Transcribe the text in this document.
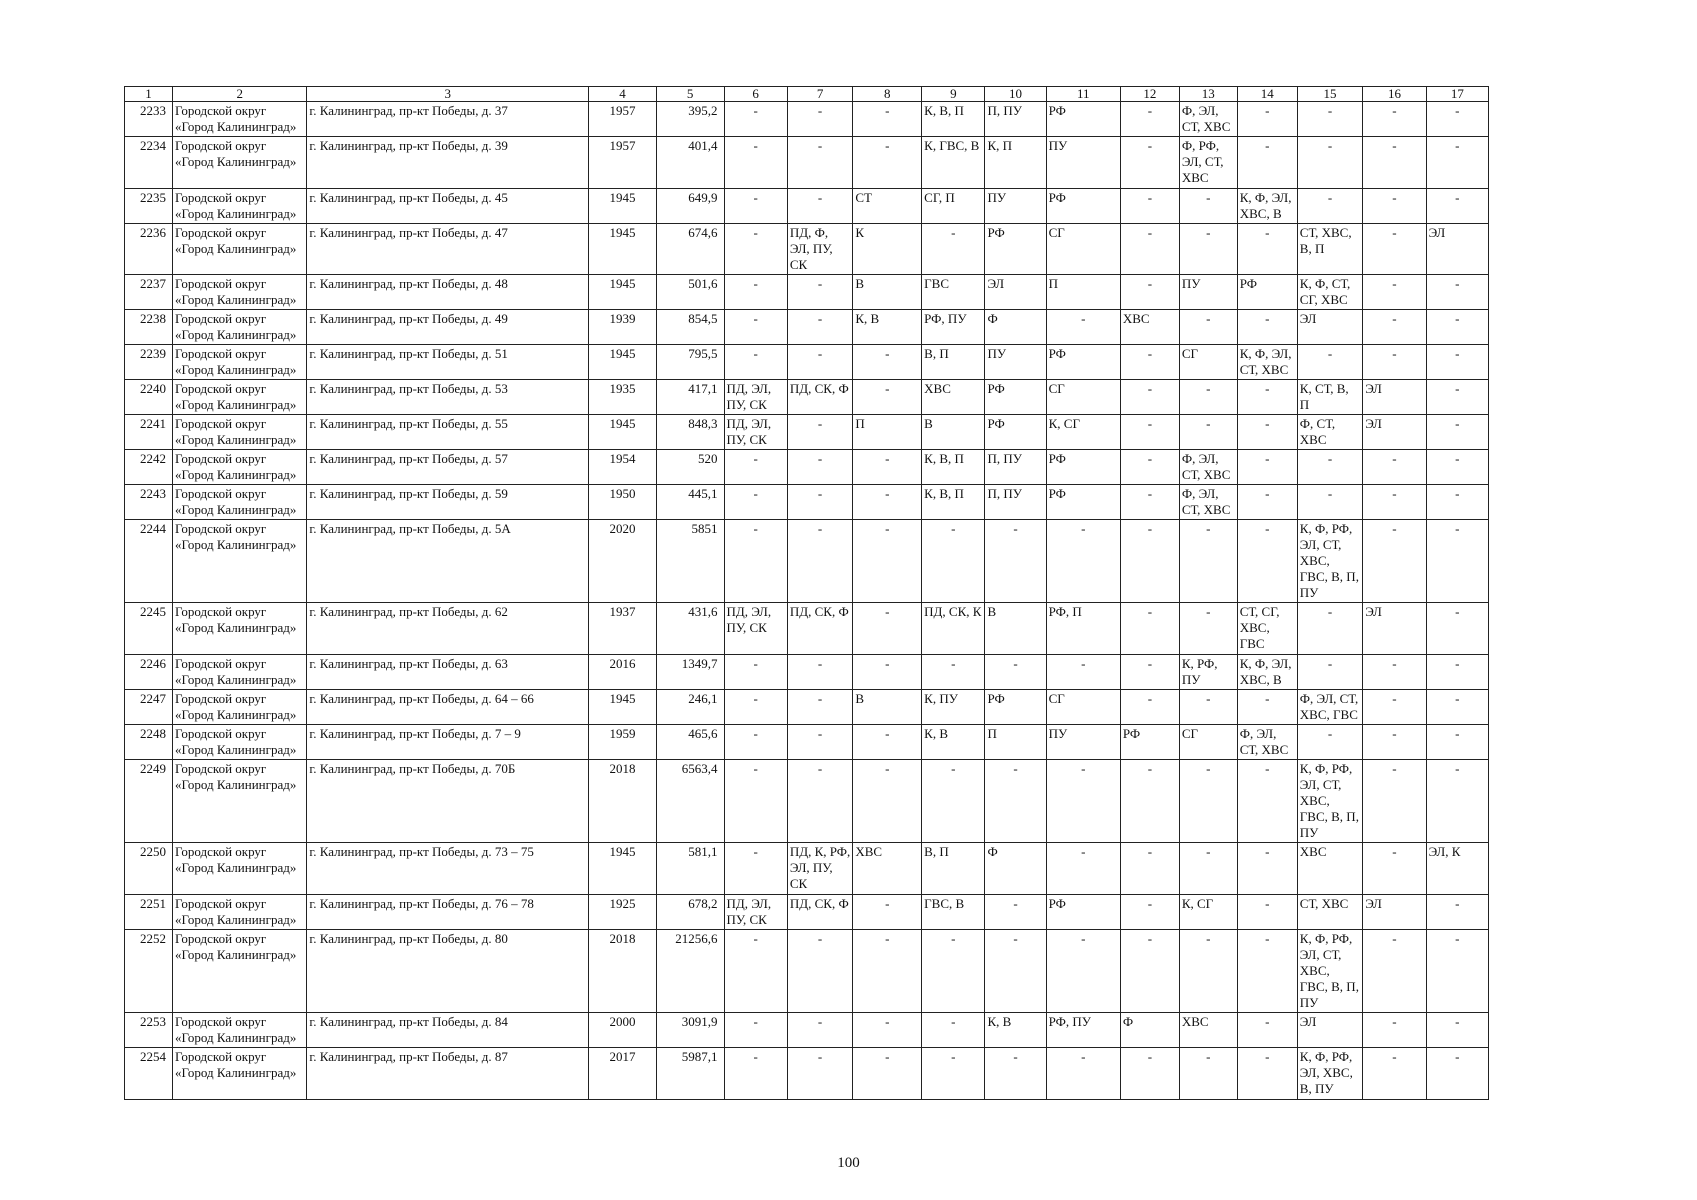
1	2	3	4	5	6	7	8	9	10	11	12	13	14	15	16	17
2233	Городской округ «Город Калининград»	г. Калининград, пр-кт Победы, д. 37	1957	395,2	-	-	-	К, В, П	П, ПУ	РФ	-	Ф, ЭЛ, СТ, ХВС	-	-	-	-
2234	Городской округ «Город Калининград»	г. Калининград, пр-кт Победы, д. 39	1957	401,4	-	-	-	К, ГВС, В	К, П	ПУ	-	Ф, РФ, ЭЛ, СТ, ХВС	-	-	-	-
2235	Городской округ «Город Калининград»	г. Калининград, пр-кт Победы, д. 45	1945	649,9	-	-	СТ	СГ, П	ПУ	РФ	-	-	К, Ф, ЭЛ, ХВС, В	-	-	-
2236	Городской округ «Город Калининград»	г. Калининград, пр-кт Победы, д. 47	1945	674,6	-	ПД, Ф, ЭЛ, ПУ, СК	К	-	РФ	СГ	-	-	-	СТ, ХВС, В, П	-	ЭЛ
2237	Городской округ «Город Калининград»	г. Калининград, пр-кт Победы, д. 48	1945	501,6	-	-	В	ГВС	ЭЛ	П	-	ПУ	РФ	К, Ф, СТ, СГ, ХВС	-	-
2238	Городской округ «Город Калининград»	г. Калининград, пр-кт Победы, д. 49	1939	854,5	-	-	К, В	РФ, ПУ	Ф	-	ХВС	-	-	ЭЛ	-	-
2239	Городской округ «Город Калининград»	г. Калининград, пр-кт Победы, д. 51	1945	795,5	-	-	-	В, П	ПУ	РФ	-	СГ	К, Ф, ЭЛ, СТ, ХВС	-	-	-
2240	Городской округ «Город Калининград»	г. Калининград, пр-кт Победы, д. 53	1935	417,1	ПД, ЭЛ, ПУ, СК	ПД, СК, Ф	-	ХВС	РФ	СГ	-	-	-	К, СТ, В, П	ЭЛ	-
2241	Городской округ «Город Калининград»	г. Калининград, пр-кт Победы, д. 55	1945	848,3	ПД, ЭЛ, ПУ, СК	-	П	В	РФ	К, СГ	-	-	-	Ф, СТ, ХВС	ЭЛ	-
2242	Городской округ «Город Калининград»	г. Калининград, пр-кт Победы, д. 57	1954	520	-	-	-	К, В, П	П, ПУ	РФ	-	Ф, ЭЛ, СТ, ХВС	-	-	-	-
2243	Городской округ «Город Калининград»	г. Калининград, пр-кт Победы, д. 59	1950	445,1	-	-	-	К, В, П	П, ПУ	РФ	-	Ф, ЭЛ, СТ, ХВС	-	-	-	-
2244	Городской округ «Город Калининград»	г. Калининград, пр-кт Победы, д. 5А	2020	5851	-	-	-	-	-	-	-	-	-	К, Ф, РФ, ЭЛ, СТ, ХВС, ГВС, В, П, ПУ	-	-
2245	Городской округ «Город Калининград»	г. Калининград, пр-кт Победы, д. 62	1937	431,6	ПД, ЭЛ, ПУ, СК	ПД, СК, Ф	-	ПД, СК, К	В	РФ, П	-	-	СТ, СГ, ХВС, ГВС	-	ЭЛ	-
2246	Городской округ «Город Калининград»	г. Калининград, пр-кт Победы, д. 63	2016	1349,7	-	-	-	-	-	-	-	К, РФ, ПУ	К, Ф, ЭЛ, ХВС, В	-	-	-
2247	Городской округ «Город Калининград»	г. Калининград, пр-кт Победы, д. 64 – 66	1945	246,1	-	-	В	К, ПУ	РФ	СГ	-	-	-	Ф, ЭЛ, СТ, ХВС, ГВС	-	-
2248	Городской округ «Город Калининград»	г. Калининград, пр-кт Победы, д. 7 – 9	1959	465,6	-	-	-	К, В	П	ПУ	РФ	СГ	Ф, ЭЛ, СТ, ХВС	-	-	-
2249	Городской округ «Город Калининград»	г. Калининград, пр-кт Победы, д. 70Б	2018	6563,4	-	-	-	-	-	-	-	-	-	К, Ф, РФ, ЭЛ, СТ, ХВС, ГВС, В, П, ПУ	-	-
2250	Городской округ «Город Калининград»	г. Калининград, пр-кт Победы, д. 73 – 75	1945	581,1	-	ПД, К, РФ, ЭЛ, ПУ, СК	ХВС	В, П	Ф	-	-	-	-	ХВС	-	ЭЛ, К
2251	Городской округ «Город Калининград»	г. Калининград, пр-кт Победы, д. 76 – 78	1925	678,2	ПД, ЭЛ, ПУ, СК	ПД, СК, Ф	-	ГВС, В	-	РФ	-	К, СГ	-	СТ, ХВС	ЭЛ	-
2252	Городской округ «Город Калининград»	г. Калининград, пр-кт Победы, д. 80	2018	21256,6	-	-	-	-	-	-	-	-	-	К, Ф, РФ, ЭЛ, СТ, ХВС, ГВС, В, П, ПУ	-	-
2253	Городской округ «Город Калининград»	г. Калининград, пр-кт Победы, д. 84	2000	3091,9	-	-	-	-	К, В	РФ, ПУ	Ф	ХВС	-	ЭЛ	-	-
2254	Городской округ «Город Калининград»	г. Калининград, пр-кт Победы, д. 87	2017	5987,1	-	-	-	-	-	-	-	-	-	К, Ф, РФ, ЭЛ, ХВС, В, ПУ	-	-
100
